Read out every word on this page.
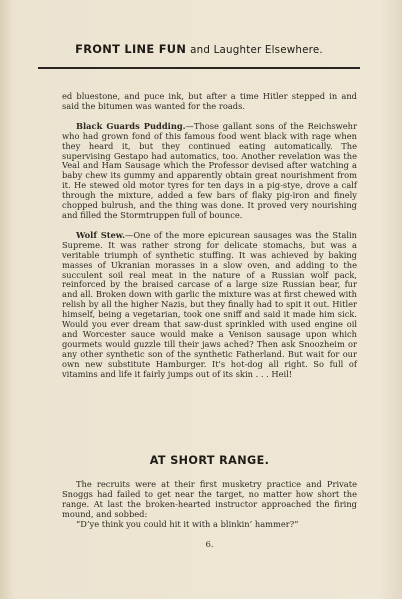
FRONT LINE FUN and Laughter Elsewhere.

ed bluestone, and puce ink, but after a time Hitler stepped in and said the bitumen was wanted for the roads.

Black Guards Pudding.—Those gallant sons of the Reichswehr who had grown fond of this famous food went black with rage when they heard it, but they continued eating automatically. The supervising Gestapo had automatics, too. Another revelation was the Veal and Ham Sausage which the Professor devised after watching a baby chew its gummy and apparently obtain great nourishment from it. He stewed old motor tyres for ten days in a pig-stye, drove a calf through the mixture, added a few bars of flaky pig-iron and finely chopped bulrush, and the thing was done. It proved very nourishing and filled the Stormtruppen full of bounce.

Wolf Stew.—One of the more epicurean sausages was the Stalin Supreme. It was rather strong for delicate stomachs, but was a veritable triumph of synthetic stuffing. It was achieved by baking masses of Ukranian morasses in a slow oven, and adding to the succulent soil real meat in the nature of a Russian wolf pack, reinforced by the braised carcase of a large size Russian bear, fur and all. Broken down with garlic the mixture was at first chewed with relish by all the higher Nazis, but they finally had to spit it out. Hitler himself, being a vegetarian, took one sniff and said it made him sick. Would you ever dream that saw-dust sprinkled with used engine oil and Worcester sauce would make a Venison sausage upon which gourmets would guzzle till their jaws ached? Then ask Snoozheim or any other synthetic son of the synthetic Fatherland. But wait for our own new substitute Hamburger. It's hot-dog all right. So full of vitamins and life it fairly jumps out of its skin . . . Heil!

AT SHORT RANGE.

The recruits were at their first musketry practice and Private Snoggs had failed to get near the target, no matter how short the range. At last the broken-hearted instructor approached the firing mound, and sobbed:

“D’ye think you could hit it with a blinkin’ hammer?”

6.
